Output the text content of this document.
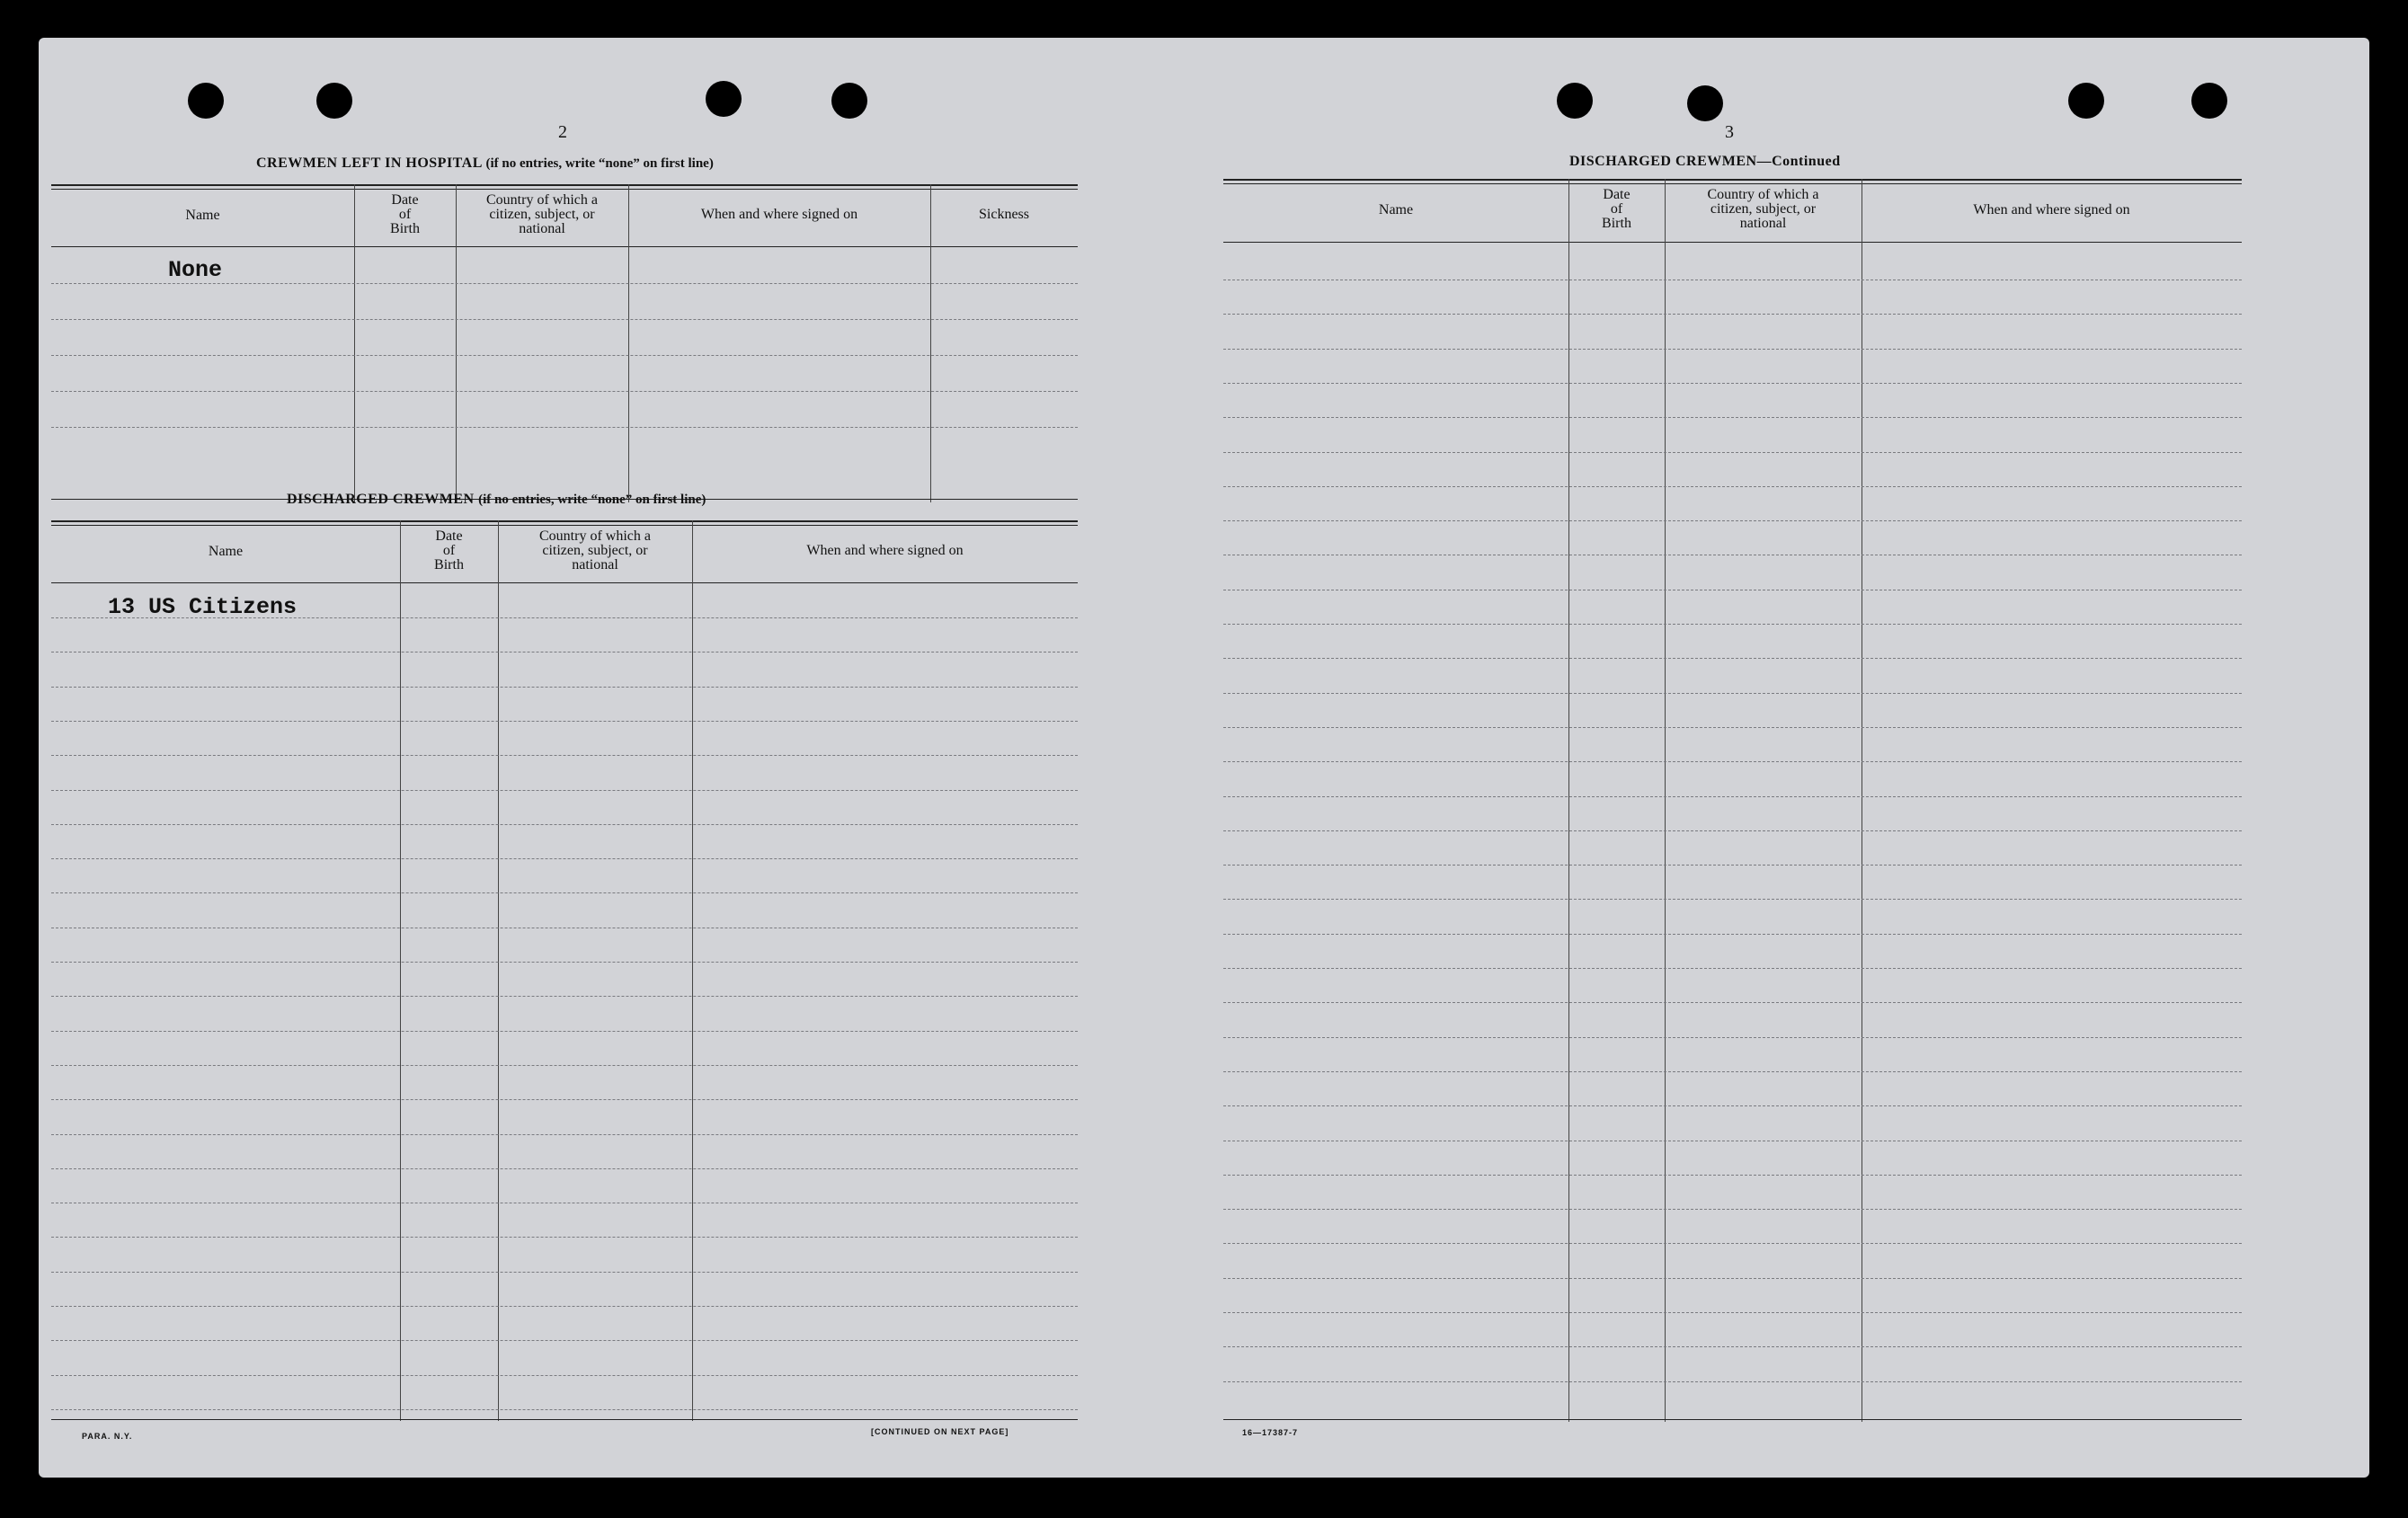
2
CREWMEN LEFT IN HOSPITAL (if no entries, write “none” on first line)
Name
Date
of
Birth
Country of which a
citizen, subject, or
national
When and where signed on	Sickness
None
DISCHARGED CREWMEN (if no entries, write “none” on first line)
Name
Date
of
Birth
Country of which a
citizen, subject, or
national
When and where signed on
13 US Citizens
PARA. N.Y.	[CONTINUED ON NEXT PAGE]
3
DISCHARGED CREWMEN—Continued
Name
Date
of
Birth
Country of which a
citizen, subject, or
national
When and where signed on
16—17387-7
